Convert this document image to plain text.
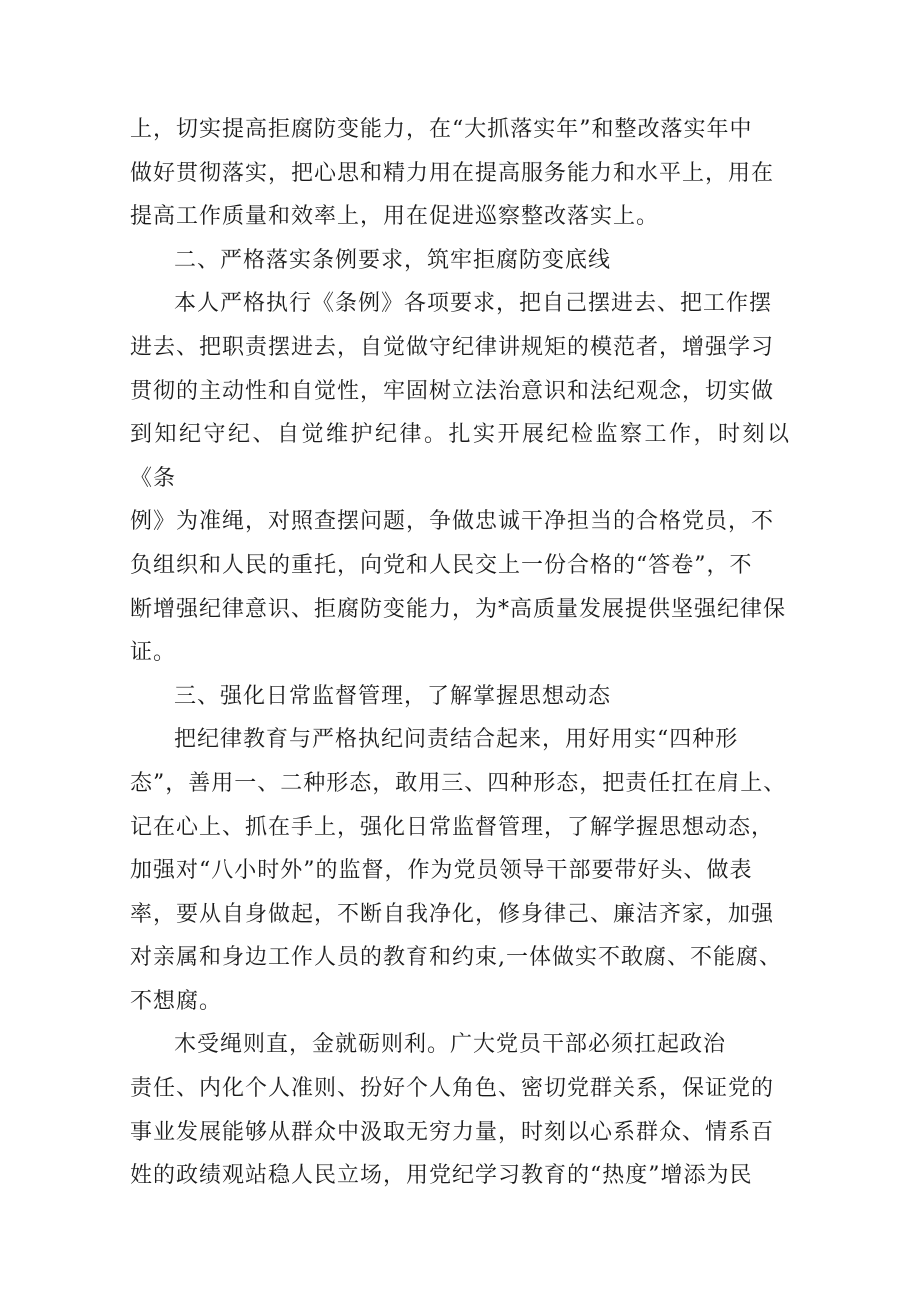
上，切实提高拒腐防变能力，在“大抓落实年”和整改落实年中
做好贯彻落实，把心思和精力用在提高服务能力和水平上，用在
提高工作质量和效率上，用在促进巡察整改落实上。

二、严格落实条例要求，筑牢拒腐防变底线

本人严格执行《条例》各项要求，把自己摆进去、把工作摆
进去、把职责摆进去，自觉做守纪律讲规矩的模范者，增强学习
贯彻的主动性和自觉性，牢固树立法治意识和法纪观念，切实做
到知纪守纪、自觉维护纪律。扎实开展纪检监察工作，时刻以《条
例》为准绳，对照查摆问题，争做忠诚干净担当的合格党员，不
负组织和人民的重托，向党和人民交上一份合格的“答卷”，不
断增强纪律意识、拒腐防变能力，为*高质量发展提供坚强纪律保
证。

三、强化日常监督管理，了解掌握思想动态

把纪律教育与严格执纪问责结合起来，用好用实“四种形
态”，善用一、二种形态，敢用三、四种形态，把责任扛在肩上、
记在心上、抓在手上，强化日常监督管理，了解学握思想动态，
加强对“八小时外”的监督，作为党员领导干部要带好头、做表
率，要从自身做起，不断自我净化，修身律己、廉洁齐家，加强
对亲属和身边工作人员的教育和约束,一体做实不敢腐、不能腐、
不想腐。

木受绳则直，金就砺则利。广大党员干部必须扛起政治
责任、内化个人准则、扮好个人角色、密切党群关系，保证党的
事业发展能够从群众中汲取无穷力量，时刻以心系群众、情系百
姓的政绩观站稳人民立场，用党纪学习教育的“热度”增添为民
